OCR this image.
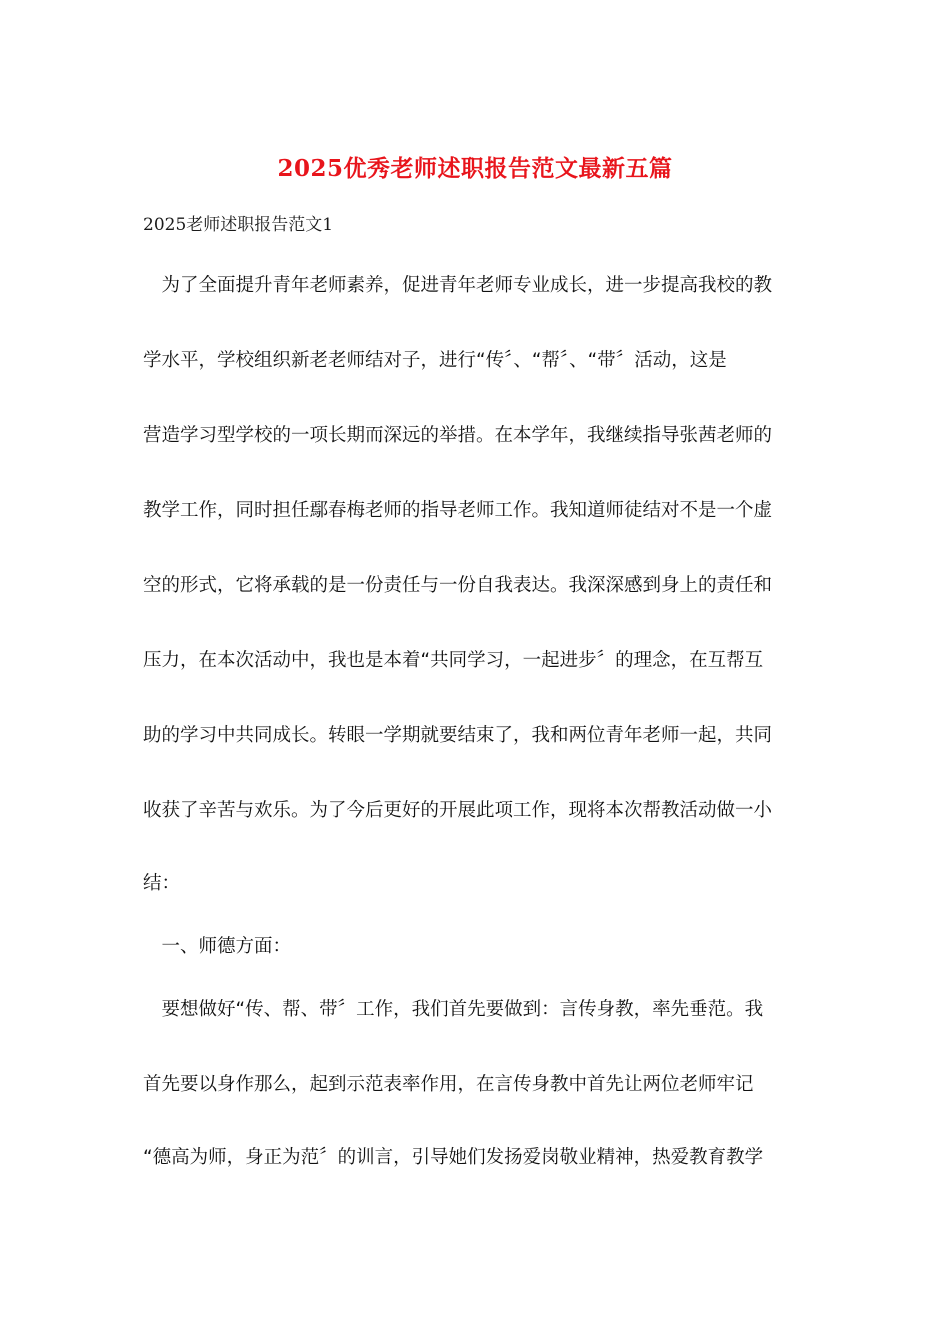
2025优秀老师述职报告范文最新五篇
2025老师述职报告范文1
　为了全面提升青年老师素养，促进青年老师专业成长，进一步提高我校的教
学水平，学校组织新老老师结对子，进行“传〞、“帮〞、“带〞活动，这是
营造学习型学校的一项长期而深远的举措。在本学年，我继续指导张茜老师的
教学工作，同时担任鄢春梅老师的指导老师工作。我知道师徒结对不是一个虚
空的形式，它将承载的是一份责任与一份自我表达。我深深感到身上的责任和
压力，在本次活动中，我也是本着“共同学习，一起进步〞的理念，在互帮互
助的学习中共同成长。转眼一学期就要结束了，我和两位青年老师一起，共同
收获了辛苦与欢乐。为了今后更好的开展此项工作，现将本次帮教活动做一小
结：
　一、师德方面：
　要想做好“传、帮、带〞工作，我们首先要做到：言传身教，率先垂范。我
首先要以身作那么，起到示范表率作用，在言传身教中首先让两位老师牢记
“德高为师，身正为范〞的训言，引导她们发扬爱岗敬业精神，热爱教育教学
